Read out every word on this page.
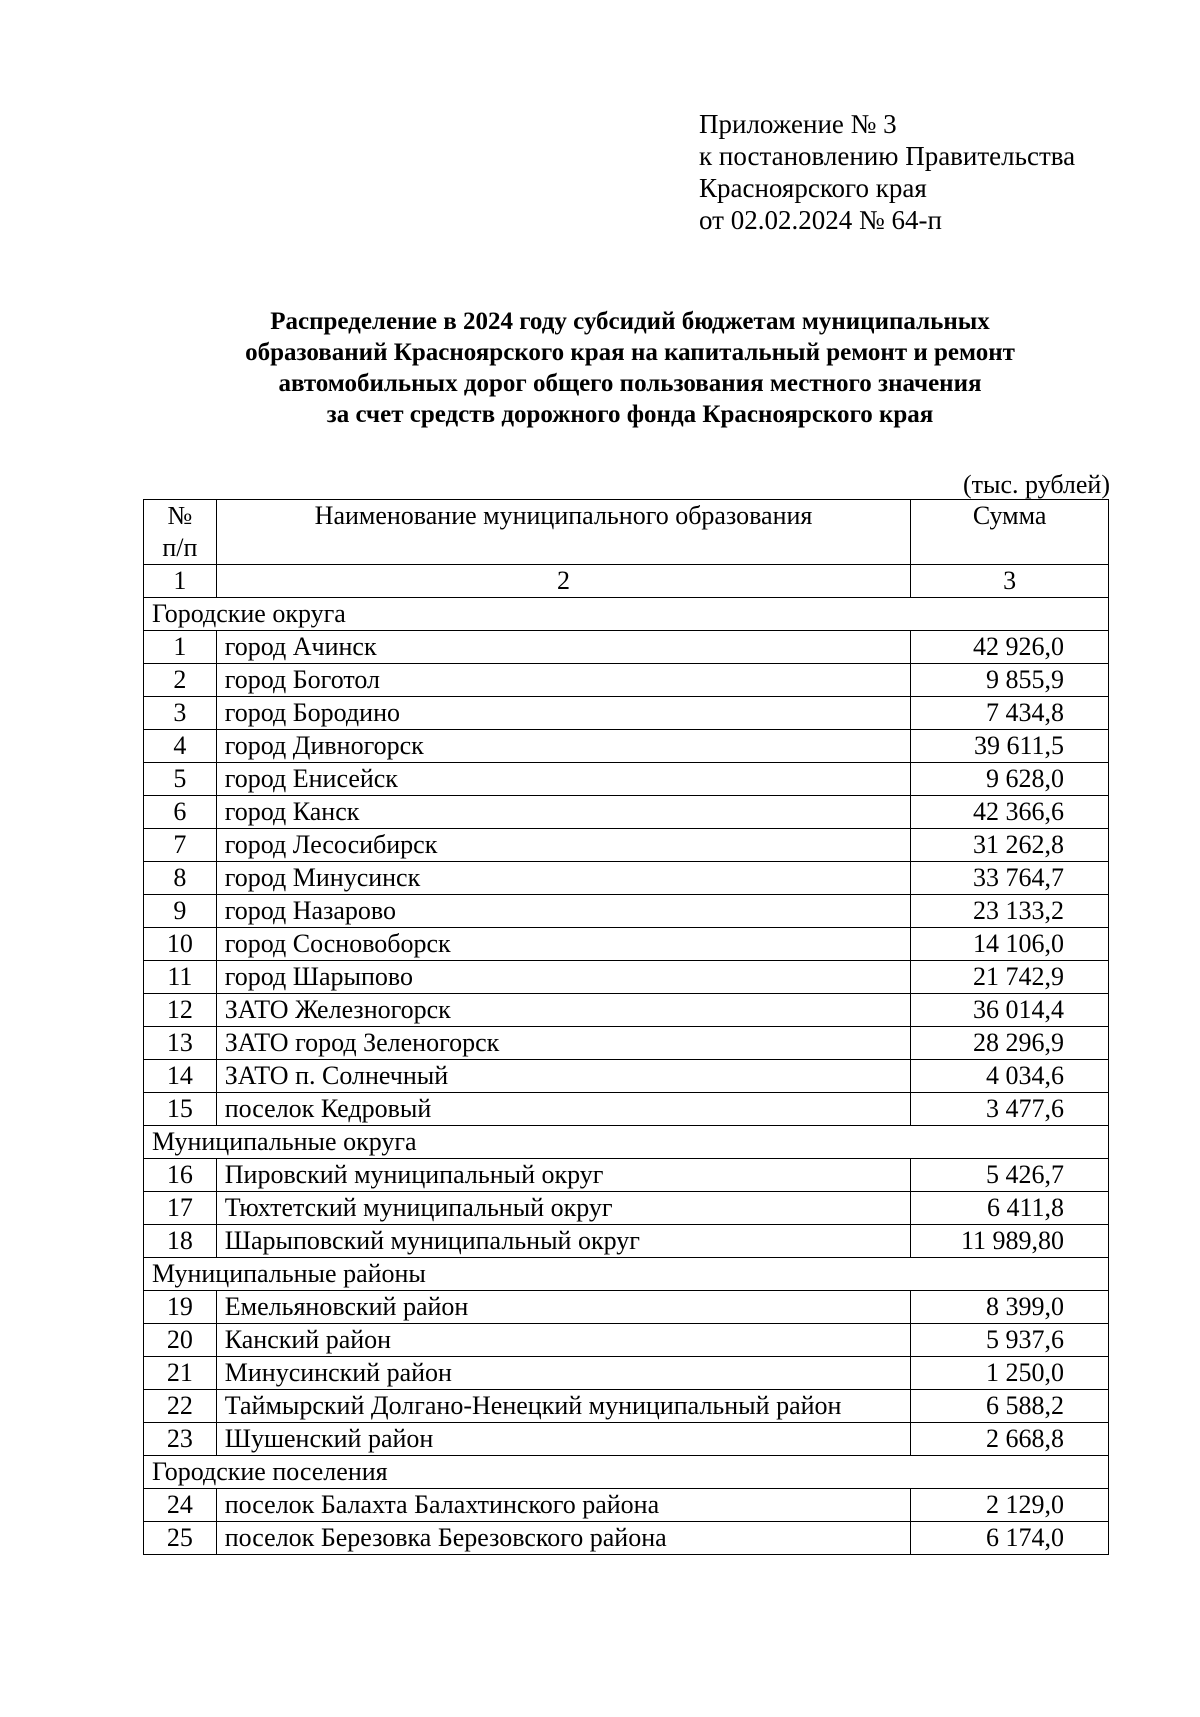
Приложение № 3
к постановлению Правительства
Красноярского края
от 02.02.2024 № 64-п
Распределение в 2024 году субсидий бюджетам муниципальных
образований Красноярского края на капитальный ремонт и ремонт
автомобильных дорог общего пользования местного значения
за счет средств дорожного фонда Красноярского края
(тыс. рублей)
№
п/п	Наименование муниципального образования	Сумма
1	2	3
Городские округа		
1	город Ачинск	42 926,0
2	город Боготол	9 855,9
3	город Бородино	7 434,8
4	город Дивногорск	39 611,5
5	город Енисейск	9 628,0
6	город Канск	42 366,6
7	город Лесосибирск	31 262,8
8	город Минусинск	33 764,7
9	город Назарово	23 133,2
10	город Сосновоборск	14 106,0
11	город Шарыпово	21 742,9
12	ЗАТО Железногорск	36 014,4
13	ЗАТО город Зеленогорск	28 296,9
14	ЗАТО п. Солнечный	4 034,6
15	поселок Кедровый	3 477,6
Муниципальные округа		
16	Пировский муниципальный округ	5 426,7
17	Тюхтетский муниципальный округ	6 411,8
18	Шарыповский муниципальный округ	11 989,80
Муниципальные районы		
19	Емельяновский район	8 399,0
20	Канский район	5 937,6
21	Минусинский район	1 250,0
22	Таймырский Долгано-Ненецкий муниципальный район	6 588,2
23	Шушенский район	2 668,8
Городские поселения		
24	поселок Балахта Балахтинского района	2 129,0
25	поселок Березовка Березовского района	6 174,0
